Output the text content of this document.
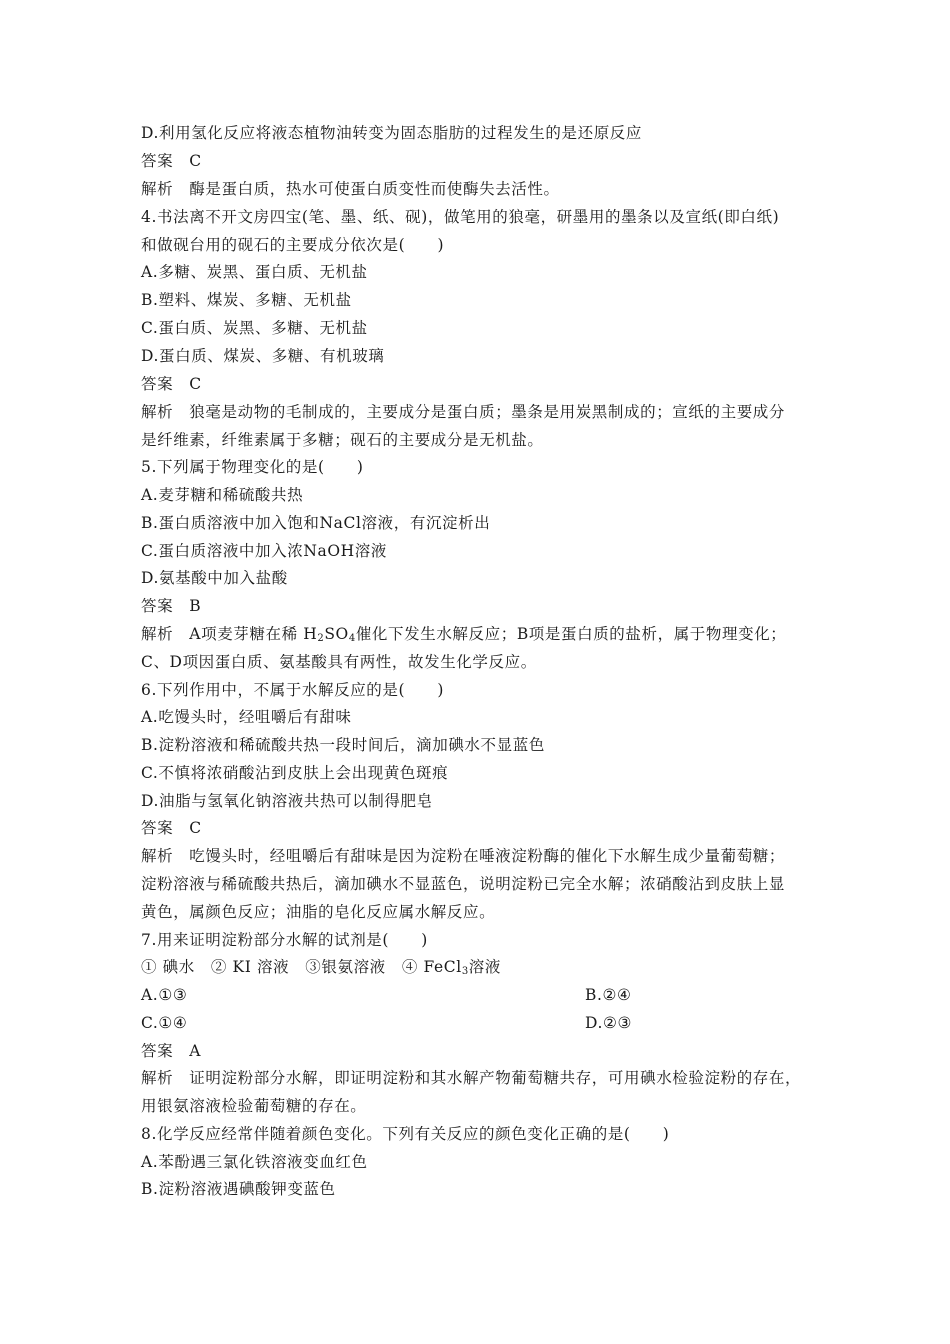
D.利用氢化反应将液态植物油转变为固态脂肪的过程发生的是还原反应
答案　C
解析　酶是蛋白质，热水可使蛋白质变性而使酶失去活性。
4.书法离不开文房四宝(笔、墨、纸、砚)，做笔用的狼毫，研墨用的墨条以及宣纸(即白纸)
和做砚台用的砚石的主要成分依次是(　　)
A.多糖、炭黑、蛋白质、无机盐
B.塑料、煤炭、多糖、无机盐
C.蛋白质、炭黑、多糖、无机盐
D.蛋白质、煤炭、多糖、有机玻璃
答案　C
解析　狼毫是动物的毛制成的，主要成分是蛋白质；墨条是用炭黑制成的；宣纸的主要成分
是纤维素，纤维素属于多糖；砚石的主要成分是无机盐。
5.下列属于物理变化的是(　　)
A.麦芽糖和稀硫酸共热
B.蛋白质溶液中加入饱和NaCl溶液，有沉淀析出
C.蛋白质溶液中加入浓NaOH溶液
D.氨基酸中加入盐酸
答案　B
解析　A项麦芽糖在稀 $H_2SO_4$催化下发生水解反应；B项是蛋白质的盐析，属于物理变化；
C、D项因蛋白质、氨基酸具有两性，故发生化学反应。
6.下列作用中，不属于水解反应的是(　　)
A.吃馒头时，经咀嚼后有甜味
B.淀粉溶液和稀硫酸共热一段时间后，滴加碘水不显蓝色
C.不慎将浓硝酸沾到皮肤上会出现黄色斑痕
D.油脂与氢氧化钠溶液共热可以制得肥皂
答案　C
解析　吃馒头时，经咀嚼后有甜味是因为淀粉在唾液淀粉酶的催化下水解生成少量葡萄糖；
淀粉溶液与稀硫酸共热后，滴加碘水不显蓝色，说明淀粉已完全水解；浓硝酸沾到皮肤上显
黄色，属颜色反应；油脂的皂化反应属水解反应。
7.用来证明淀粉部分水解的试剂是(　　)
① 碘水　② KI 溶液　③银氨溶液　④ FeCl$_3$溶液
A.①③	B.②④
C.①④	D.②③
答案　A
解析　证明淀粉部分水解，即证明淀粉和其水解产物葡萄糖共存，可用碘水检验淀粉的存在，
用银氨溶液检验葡萄糖的存在。
8.化学反应经常伴随着颜色变化。下列有关反应的颜色变化正确的是(　　)
A.苯酚遇三氯化铁溶液变血红色
B.淀粉溶液遇碘酸钾变蓝色
